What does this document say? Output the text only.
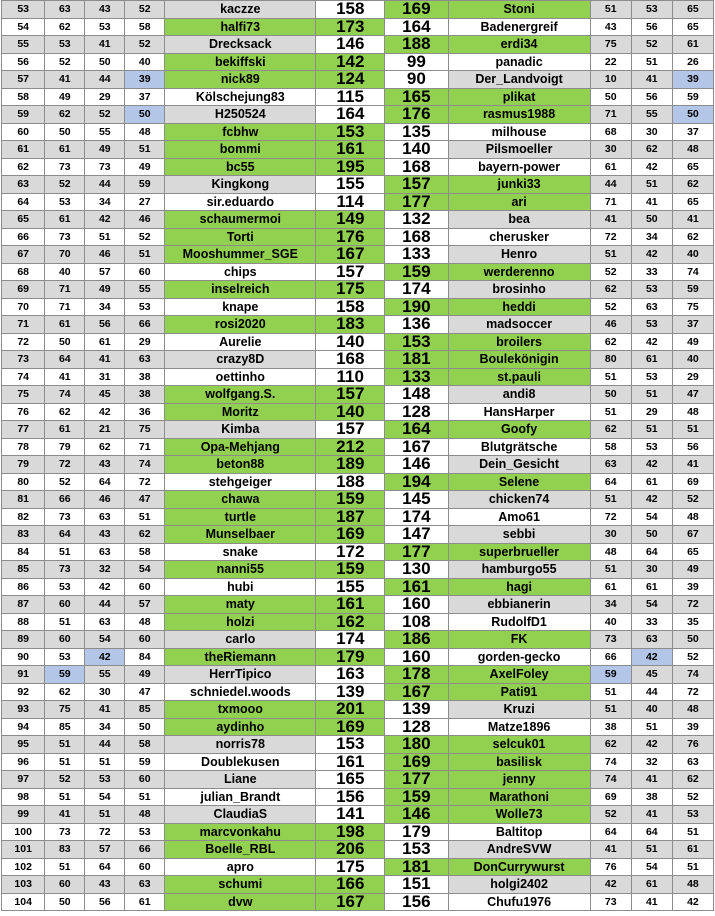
53	63	43	52	kaczze	158	169	Stoni	51	53	65
54	62	53	58	halfi73	173	164	Badenergreif	43	56	65
55	53	41	52	Drecksack	146	188	erdi34	75	52	61
56	52	50	40	bekiffski	142	99	panadic	22	51	26
57	41	44	39	nick89	124	90	Der_Landvoigt	10	41	39
58	49	29	37	Kölschejung83	115	165	plikat	50	56	59
59	62	52	50	H250524	164	176	rasmus1988	71	55	50
60	50	55	48	fcbhw	153	135	milhouse	68	30	37
61	61	49	51	bommi	161	140	Pilsmoeller	30	62	48
62	73	73	49	bc55	195	168	bayern-power	61	42	65
63	52	44	59	Kingkong	155	157	junki33	44	51	62
64	53	34	27	sir.eduardo	114	177	ari	71	41	65
65	61	42	46	schaumermoi	149	132	bea	41	50	41
66	73	51	52	Torti	176	168	cherusker	72	34	62
67	70	46	51	Mooshummer_SGE	167	133	Henro	51	42	40
68	40	57	60	chips	157	159	werderenno	52	33	74
69	71	49	55	inselreich	175	174	brosinho	62	53	59
70	71	34	53	knape	158	190	heddi	52	63	75
71	61	56	66	rosi2020	183	136	madsoccer	46	53	37
72	50	61	29	Aurelie	140	153	broilers	62	42	49
73	64	41	63	crazy8D	168	181	Boulekönigin	80	61	40
74	41	31	38	oettinho	110	133	st.pauli	51	53	29
75	74	45	38	wolfgang.S.	157	148	andi8	50	51	47
76	62	42	36	Moritz	140	128	HansHarper	51	29	48
77	61	21	75	Kimba	157	164	Goofy	62	51	51
78	79	62	71	Opa-Mehjang	212	167	Blutgrätsche	58	53	56
79	72	43	74	beton88	189	146	Dein_Gesicht	63	42	41
80	52	64	72	stehgeiger	188	194	Selene	64	61	69
81	66	46	47	chawa	159	145	chicken74	51	42	52
82	73	63	51	turtle	187	174	Amo61	72	54	48
83	64	43	62	Munselbaer	169	147	sebbi	30	50	67
84	51	63	58	snake	172	177	superbrueller	48	64	65
85	73	32	54	nanni55	159	130	hamburgo55	51	30	49
86	53	42	60	hubi	155	161	hagi	61	61	39
87	60	44	57	maty	161	160	ebbianerin	34	54	72
88	51	63	48	holzi	162	108	RudolfD1	40	33	35
89	60	54	60	carlo	174	186	FK	73	63	50
90	53	42	84	theRiemann	179	160	gorden-gecko	66	42	52
91	59	55	49	HerrTipico	163	178	AxelFoley	59	45	74
92	62	30	47	schniedel.woods	139	167	Pati91	51	44	72
93	75	41	85	txmooo	201	139	Kruzi	51	40	48
94	85	34	50	aydinho	169	128	Matze1896	38	51	39
95	51	44	58	norris78	153	180	selcuk01	62	42	76
96	51	51	59	Doublekusen	161	169	basilisk	74	32	63
97	52	53	60	Liane	165	177	jenny	74	41	62
98	51	54	51	julian_Brandt	156	159	Marathoni	69	38	52
99	41	51	48	ClaudiaS	141	146	Wolle73	52	41	53
100	73	72	53	marcvonkahu	198	179	Baltitop	64	64	51
101	83	57	66	Boelle_RBL	206	153	AndreSVW	41	51	61
102	51	64	60	apro	175	181	DonCurrywurst	76	54	51
103	60	43	63	schumi	166	151	holgi2402	42	61	48
104	50	56	61	dvw	167	156	Chufu1976	73	41	42
